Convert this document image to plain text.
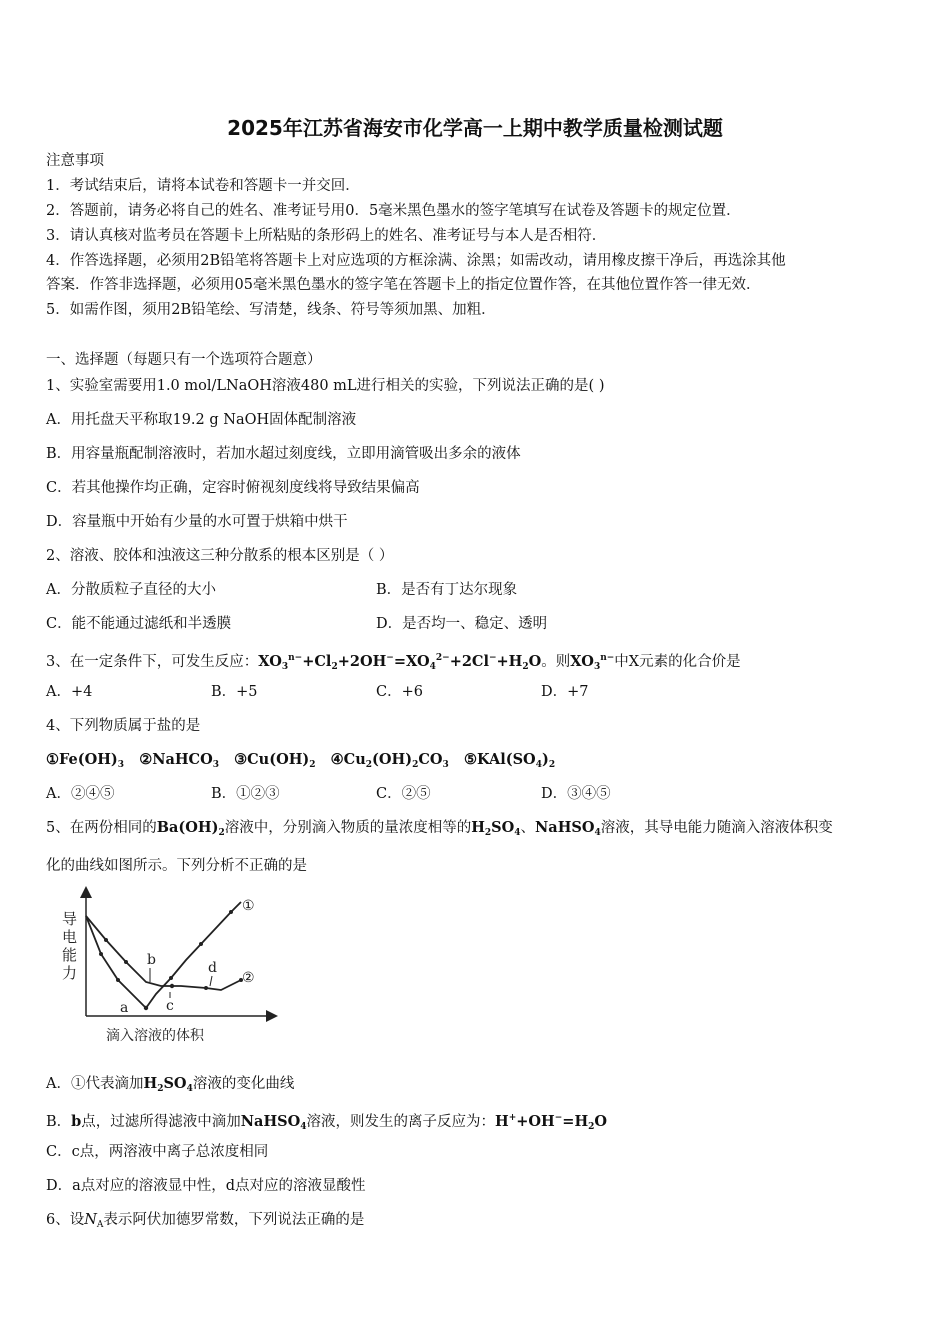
2025年江苏省海安市化学高一上期中教学质量检测试题
注意事项
1．考试结束后，请将本试卷和答题卡一并交回．
2．答题前，请务必将自己的姓名、准考证号用0．5毫米黑色墨水的签字笔填写在试卷及答题卡的规定位置．
3．请认真核对监考员在答题卡上所粘贴的条形码上的姓名、准考证号与本人是否相符．
4．作答选择题，必须用2B铅笔将答题卡上对应选项的方框涂满、涂黑；如需改动，请用橡皮擦干净后，再选涂其他
答案．作答非选择题，必须用05毫米黑色墨水的签字笔在答题卡上的指定位置作答，在其他位置作答一律无效．
5．如需作图，须用2B铅笔绘、写清楚，线条、符号等须加黑、加粗．
一、选择题（每题只有一个选项符合题意）
1、实验室需要用1.0 mol/LNaOH溶液480 mL进行相关的实验，下列说法正确的是( )
A．用托盘天平称取19.2 g NaOH固体配制溶液
B．用容量瓶配制溶液时，若加水超过刻度线，立即用滴管吸出多余的液体
C．若其他操作均正确，定容时俯视刻度线将导致结果偏高
D．容量瓶中开始有少量的水可置于烘箱中烘干
2、溶液、胶体和浊液这三种分散系的根本区别是（ ）
A．分散质粒子直径的大小	B．是否有丁达尔现象
C．能不能通过滤纸和半透膜	D．是否均一、稳定、透明
3、在一定条件下，可发生反应：$XO_3^{n-}+Cl_2+2OH^-=XO_4^{2-}+2Cl^-+H_2O$。则$XO_3^{n-}$中X元素的化合价是
A．+4	B．+5	C．+6	D．+7
4、下列物质属于盐的是
$①Fe(OH)_3$   ②NaHCO$_3$   $③Cu(OH)_2$   $④Cu_2(OH)_2CO_3$   $⑤KAl(SO_4)_2$
A．②④⑤	B．①②③	C．②⑤	D．③④⑤
5、在两份相同的$Ba(OH)_2$溶液中，分别滴入物质的量浓度相等的$H_2SO_4$、NaHSO$_4$溶液，其导电能力随滴入溶液体积变
化的曲线如图所示。下列分析不正确的是
导
电
能
力
①
②
b
a	c
d
滴入溶液的体积
A．①代表滴加$H_2SO_4$溶液的变化曲线
B．b点，过滤所得滤液中滴加NaHSO$_4$溶液，则发生的离子反应为：$H^++OH^-=H_2O$
C．c点，两溶液中离子总浓度相同
D．a点对应的溶液显中性，d点对应的溶液显酸性
6、设$N_A$表示阿伏加德罗常数，下列说法正确的是
